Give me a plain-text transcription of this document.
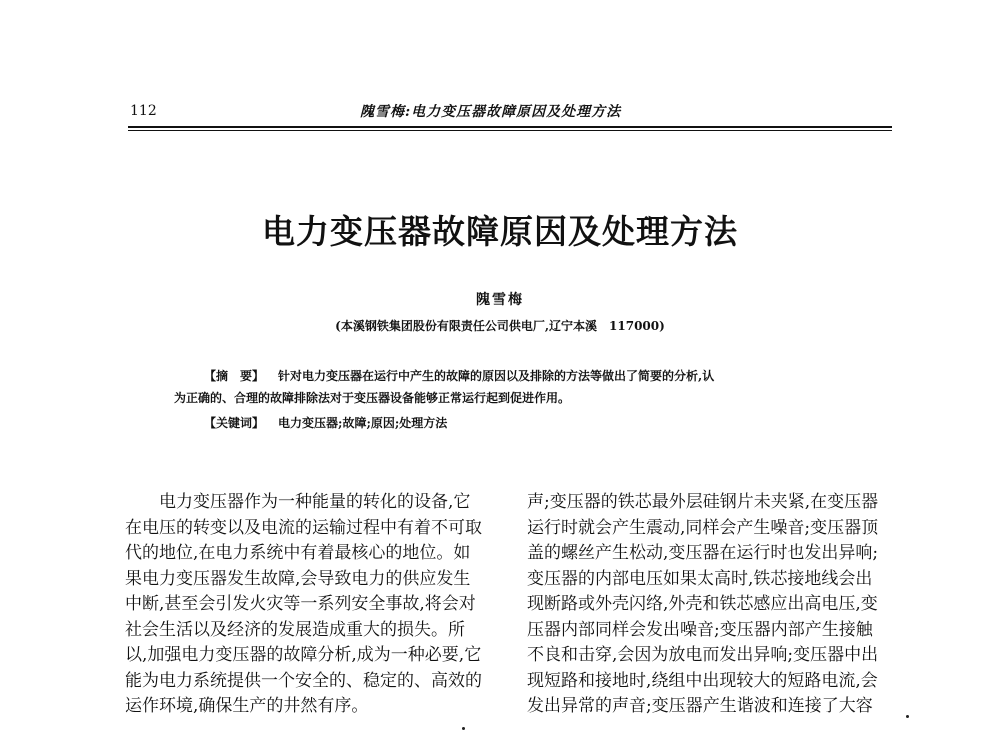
112	隗雪梅:电力变压器故障原因及处理方法
电力变压器故障原因及处理方法
隗雪梅
(本溪钢铁集团股份有限责任公司供电厂,辽宁本溪　117000)
【摘　要】 针对电力变压器在运行中产生的故障的原因以及排除的方法等做出了简要的分析,认
为正确的、合理的故障排除法对于变压器设备能够正常运行起到促进作用。
【关键词】 电力变压器;故障;原因;处理方法

电力变压器作为一种能量的转化的设备,它在电压的转变以及电流的运输过程中有着不可取代的地位,在电力系统中有着最核心的地位。如果电力变压器发生故障,会导致电力的供应发生中断,甚至会引发火灾等一系列安全事故,将会对社会生活以及经济的发展造成重大的损失。所以,加强电力变压器的故障分析,成为一种必要,它能为电力系统提供一个安全的、稳定的、高效的运作环境,确保生产的井然有序。

声;变压器的铁芯最外层硅钢片未夹紧,在变压器运行时就会产生震动,同样会产生噪音;变压器顶盖的螺丝产生松动,变压器在运行时也发出异响;变压器的内部电压如果太高时,铁芯接地线会出现断路或外壳闪络,外壳和铁芯感应出高电压,变压器内部同样会发出噪音;变压器内部产生接触不良和击穿,会因为放电而发出异响;变压器中出现短路和接地时,绕组中出现较大的短路电流,会发出异常的声音;变压器产生谐波和连接了大容
